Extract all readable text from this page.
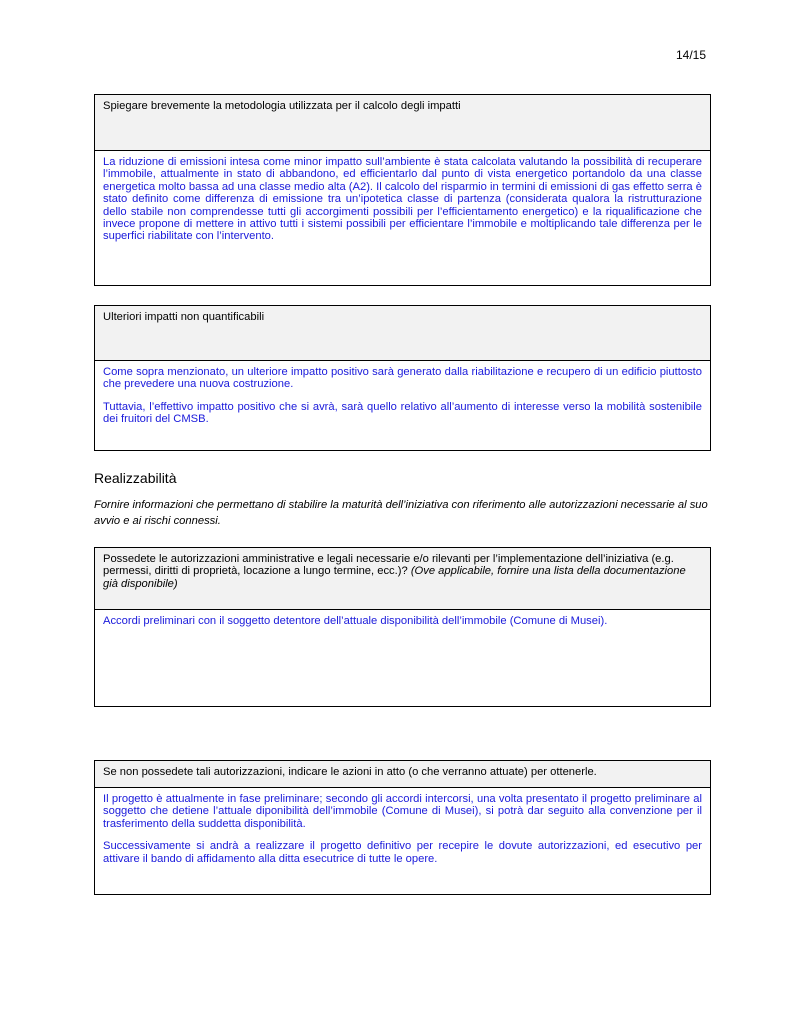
14/15
Spiegare brevemente la metodologia utilizzata per il calcolo degli impatti

La riduzione di emissioni intesa come minor impatto sull’ambiente è stata calcolata valutando la possibilità di recuperare l’immobile, attualmente in stato di abbandono, ed efficientarlo dal punto di vista energetico portandolo da una classe energetica molto bassa ad una classe medio alta (A2). Il calcolo del risparmio in termini di emissioni di gas effetto serra è stato definito come differenza di emissione tra un’ipotetica classe di partenza (considerata qualora la ristrutturazione dello stabile non comprendesse tutti gli accorgimenti possibili per l’efficientamento energetico) e la riqualificazione che invece propone di mettere in attivo tutti i sistemi possibili per efficientare l’immobile e moltiplicando tale differenza per le superfici riabilitate con l’intervento.

Ulteriori impatti non quantificabili

Come sopra menzionato, un ulteriore impatto positivo sarà generato dalla riabilitazione e recupero di un edificio piuttosto che prevedere una nuova costruzione.

Tuttavia, l’effettivo impatto positivo che si avrà, sarà quello relativo all’aumento di interesse verso la mobilità sostenibile dei fruitori del CMSB.

Realizzabilità
Fornire informazioni che permettano di stabilire la maturità dell’iniziativa con riferimento alle autorizzazioni necessarie al suo avvio e ai rischi connessi.
Possedete le autorizzazioni amministrative e legali necessarie e/o rilevanti per l’implementazione dell’iniziativa (e.g. permessi, diritti di proprietà, locazione a lungo termine, ecc.)? (Ove applicabile, fornire una lista della documentazione già disponibile)

Accordi preliminari con il soggetto detentore dell’attuale disponibilità dell’immobile (Comune di Musei).

Se non possedete tali autorizzazioni, indicare le azioni in atto (o che verranno attuate) per ottenerle.

Il progetto è attualmente in fase preliminare; secondo gli accordi intercorsi, una volta presentato il progetto preliminare al soggetto che detiene l’attuale diponibilità dell’immobile (Comune di Musei), si potrà dar seguito alla convenzione per il trasferimento della suddetta disponibilità.

Successivamente si andrà a realizzare il progetto definitivo per recepire le dovute autorizzazioni, ed esecutivo per attivare il bando di affidamento alla ditta esecutrice di tutte le opere.
